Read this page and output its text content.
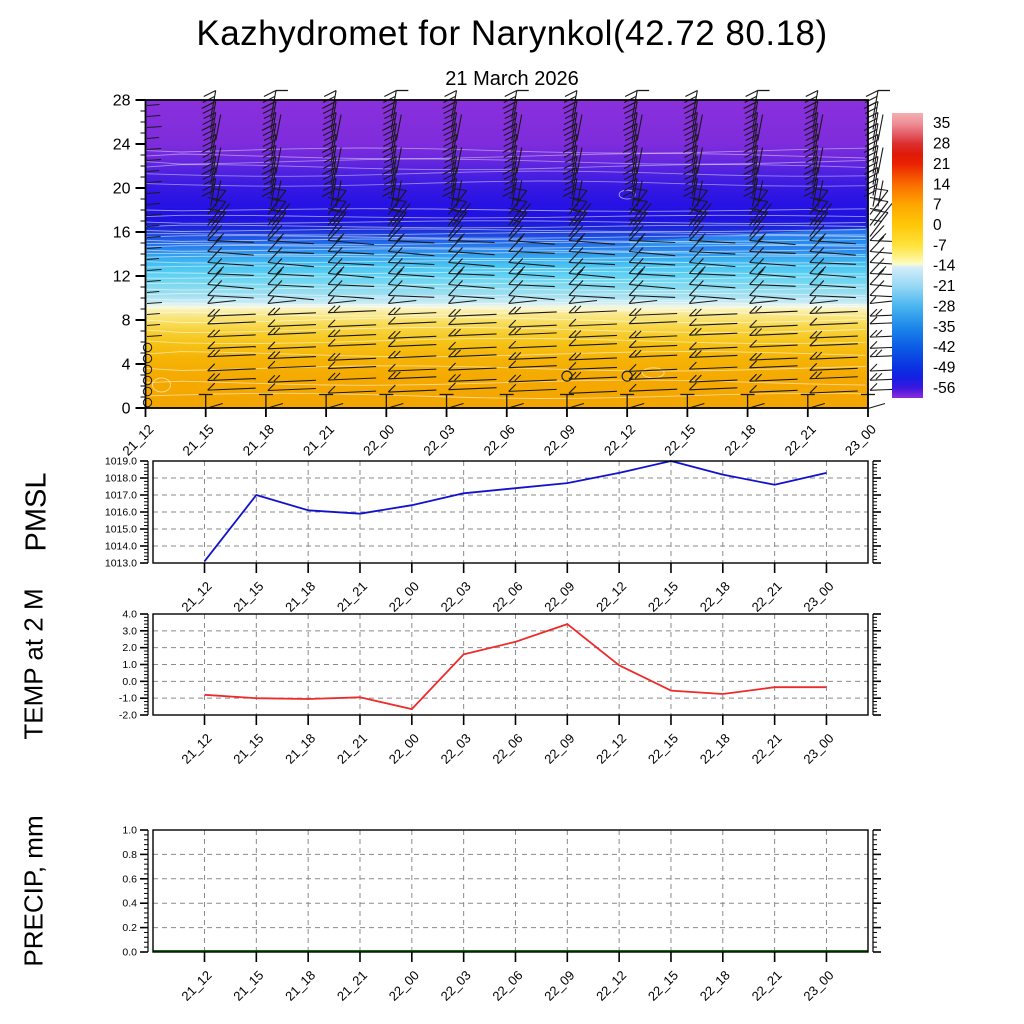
Kazhydromet for Narynkol(42.72 80.18)
21 March 2026
PMSL
TEMP at 2 M
PRECIP, mm
0
4
8
12
16
20
24
28
21_12 21_15 21_18 21_21 22_00 22_03 22_06 22_09 22_12 22_15 22_18 22_21 23_00
35
28
21
14
7
0
-7
-14
-21
-28
-35
-42
-49
-56
1019.0
1018.0
1017.0
1016.0
1015.0
1014.0
1013.0
21_12 21_15 21_18 21_21 22_00 22_03 22_06 22_09 22_12 22_15 22_18 22_21 23_00
4.0
3.0
2.0
1.0
0.0
-1.0
-2.0
21_12 21_15 21_18 21_21 22_00 22_03 22_06 22_09 22_12 22_15 22_18 22_21 23_00
1.0
0.8
0.6
0.4
0.2
0.0
21_12 21_15 21_18 21_21 22_00 22_03 22_06 22_09 22_12 22_15 22_18 22_21 23_00
